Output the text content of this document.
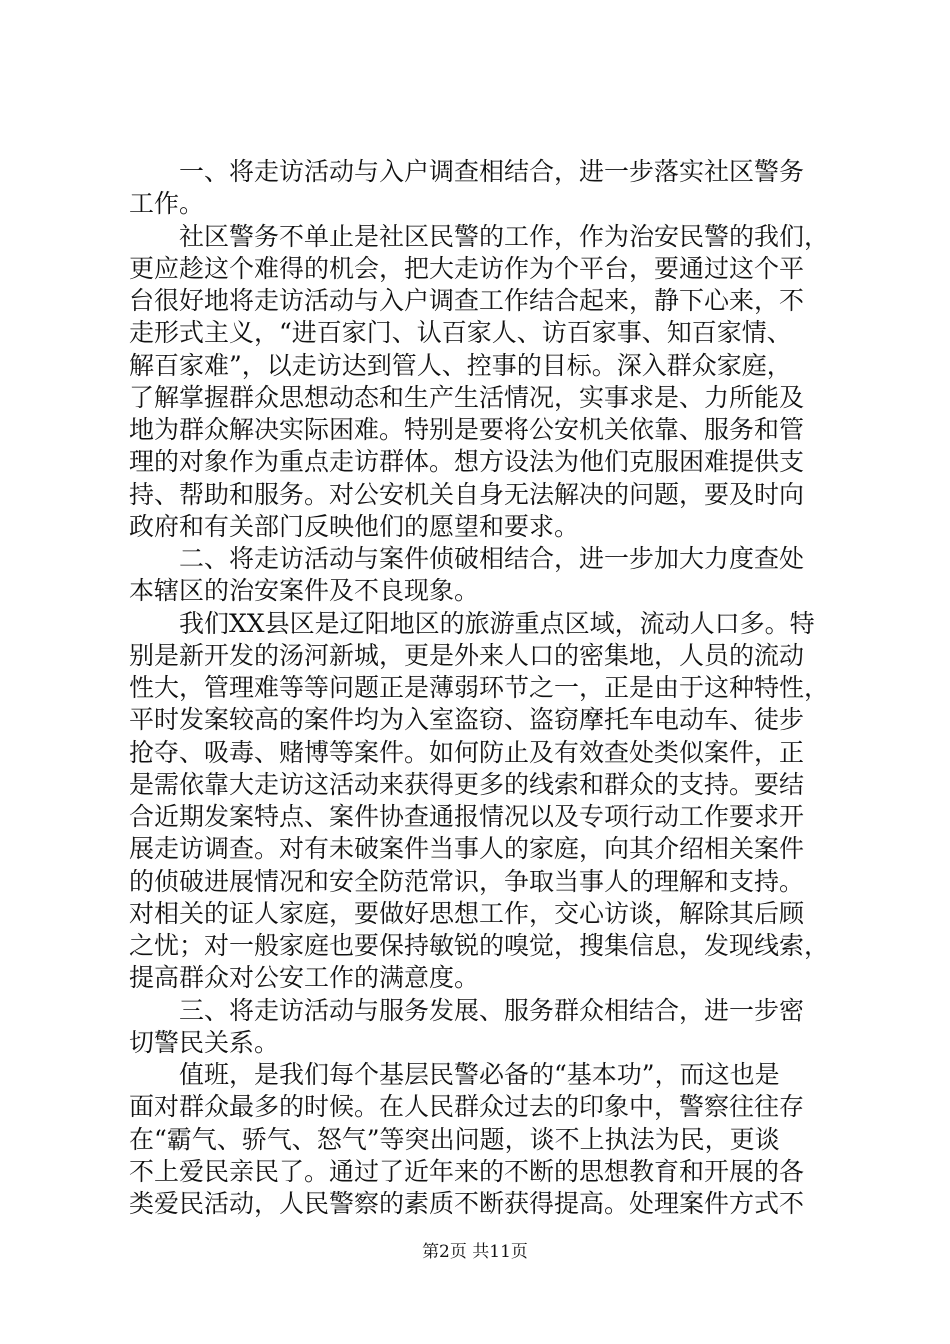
　　一、将走访活动与入户调查相结合，进一步落实社区警务
工作。
　　社区警务不单止是社区民警的工作，作为治安民警的我们，
更应趁这个难得的机会，把大走访作为个平台，要通过这个平
台很好地将走访活动与入户调查工作结合起来，静下心来，不
走形式主义，“进百家门、认百家人、访百家事、知百家情、
解百家难”，以走访达到管人、控事的目标。深入群众家庭，
了解掌握群众思想动态和生产生活情况，实事求是、力所能及
地为群众解决实际困难。特别是要将公安机关依靠、服务和管
理的对象作为重点走访群体。想方设法为他们克服困难提供支
持、帮助和服务。对公安机关自身无法解决的问题，要及时向
政府和有关部门反映他们的愿望和要求。
　　二、将走访活动与案件侦破相结合，进一步加大力度查处
本辖区的治安案件及不良现象。
　　我们XX县区是辽阳地区的旅游重点区域，流动人口多。特
别是新开发的汤河新城，更是外来人口的密集地，人员的流动
性大，管理难等等问题正是薄弱环节之一，正是由于这种特性，
平时发案较高的案件均为入室盗窃、盗窃摩托车电动车、徒步
抢夺、吸毒、赌博等案件。如何防止及有效查处类似案件，正
是需依靠大走访这活动来获得更多的线索和群众的支持。要结
合近期发案特点、案件协查通报情况以及专项行动工作要求开
展走访调查。对有未破案件当事人的家庭，向其介绍相关案件
的侦破进展情况和安全防范常识，争取当事人的理解和支持。
对相关的证人家庭，要做好思想工作，交心访谈，解除其后顾
之忧；对一般家庭也要保持敏锐的嗅觉，搜集信息，发现线索，
提高群众对公安工作的满意度。
　　三、将走访活动与服务发展、服务群众相结合，进一步密
切警民关系。
　　值班，是我们每个基层民警必备的“基本功”，而这也是
面对群众最多的时候。在人民群众过去的印象中，警察往往存
在“霸气、骄气、怒气”等突出问题，谈不上执法为民，更谈
不上爱民亲民了。通过了近年来的不断的思想教育和开展的各
类爱民活动，人民警察的素质不断获得提高。处理案件方式不
第2页 共11页
